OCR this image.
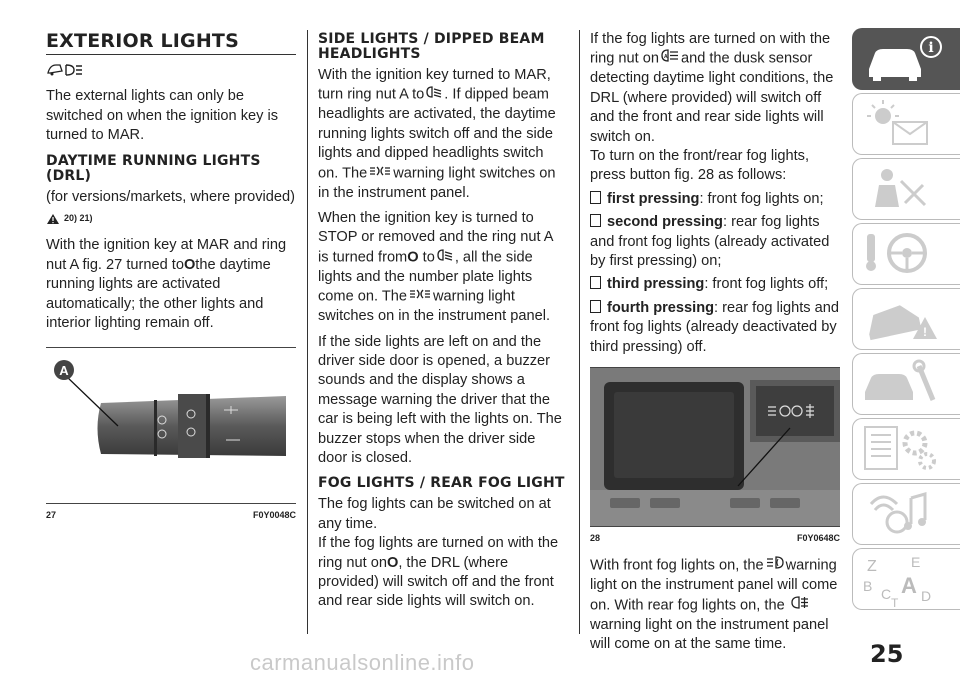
EXTERIOR LIGHTS

The external lights can only be switched on when the ignition key is turned to MAR.

DAYTIME RUNNING LIGHTS (DRL)

(for versions/markets, where provided)

20) 21)

With the ignition key at MAR and ring nut A fig. 27 turned toOthe daytime running lights are activated automatically; the other lights and interior lighting remain off.

A
27	F0Y0048C
SIDE LIGHTS / DIPPED BEAM HEADLIGHTS

With the ignition key turned to MAR, turn ring nut A to . If dipped beam headlights are activated, the daytime running lights switch off and the side lights and dipped headlights switch on. The warning light switches on in the instrument panel.

When the ignition key is turned to STOP or removed and the ring nut A is turned fromO to , all the side lights and the number plate lights come on. The warning light switches on in the instrument panel.

If the side lights are left on and the driver side door is opened, a buzzer sounds and the display shows a message warning the driver that the car is being left with the lights on. The buzzer stops when the driver side door is closed.

FOG LIGHTS / REAR FOG LIGHT

The fog lights can be switched on at any time.

If the fog lights are turned on with the ring nut onO, the DRL (where provided) will switch off and the front and rear side lights will switch on.

If the fog lights are turned on with the ring nut on A and the dusk sensor detecting daytime light conditions, the DRL (where provided) will switch off and the front and rear side lights will switch on.

To turn on the front/rear fog lights, press button fig. 28 as follows:

first pressing: front fog lights on;

second pressing: rear fog lights and front fog lights (already activated by first pressing) on;

third pressing: front fog lights off;

fourth pressing: rear fog lights and front fog lights (already deactivated by third pressing) off.

28	F0Y0648C

With front fog lights on, the warning light on the instrument panel will come on. With rear fog lights on, the warning light on the instrument panel will come on at the same time.

i
!
Z E
B A
C D
T
25
carmanualsonline.info
